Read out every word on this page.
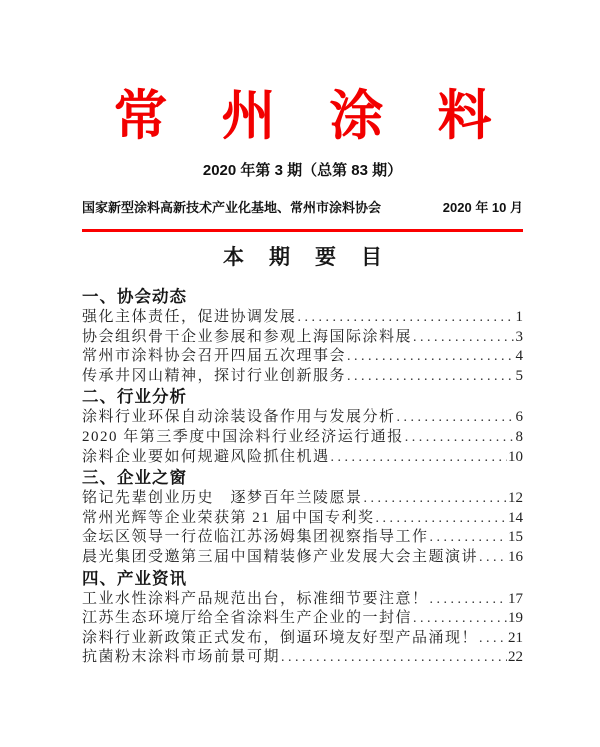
常州涂料
2020 年第 3 期（总第 83 期）
国家新型涂料高新技术产业化基地、常州市涂料协会	2020 年 10 月
本期要目
一、协会动态
强化主体责任，促进协调发展 .....	1
协会组织骨干企业参展和参观上海国际涂料展 .....	3
常州市涂料协会召开四届五次理事会 .....	4
传承井冈山精神，探讨行业创新服务 .....	5
二、行业分析
涂料行业环保自动涂装设备作用与发展分析 .....	6
2020 年第三季度中国涂料行业经济运行通报 .....	8
涂料企业要如何规避风险抓住机遇 .....	10
三、企业之窗
铭记先辈创业历史　逐梦百年兰陵愿景 .....	12
常州光辉等企业荣获第 21 届中国专利奖 .....	14
金坛区领导一行莅临江苏汤姆集团视察指导工作 .....	15
晨光集团受邀第三届中国精装修产业发展大会主题演讲 ..... 16
四、产业资讯
工业水性涂料产品规范出台，标准细节要注意！ .....	17
江苏生态环境厅给全省涂料生产企业的一封信 .....	19
涂料行业新政策正式发布，倒逼环境友好型产品涌现！ ..... 21
抗菌粉末涂料市场前景可期 .....	22
